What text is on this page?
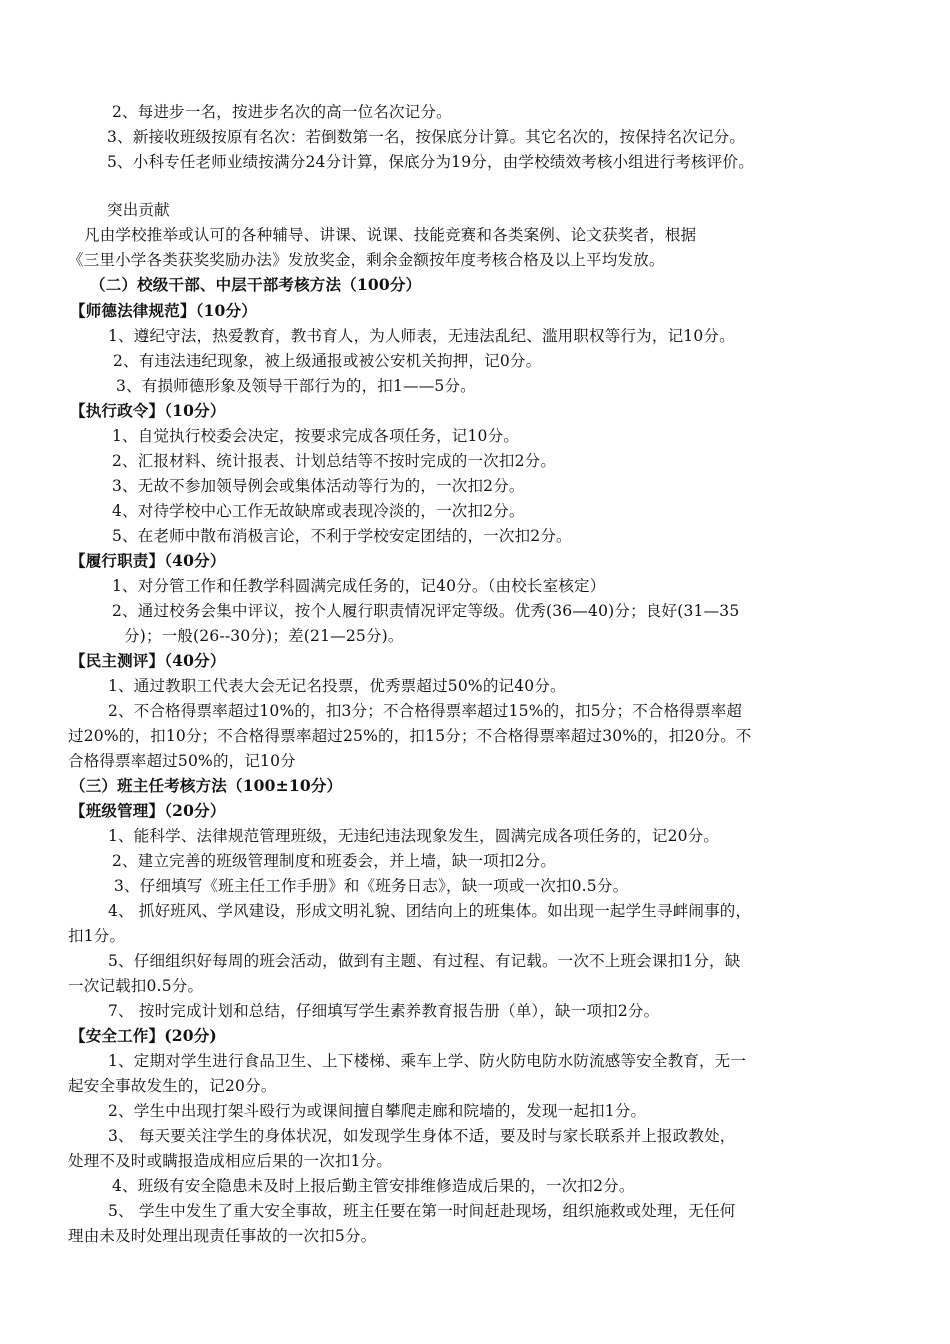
2、每进步一名，按进步名次的高一位名次记分。
3、新接收班级按原有名次：若倒数第一名，按保底分计算。其它名次的，按保持名次记分。
5、小科专任老师业绩按满分24分计算，保底分为19分，由学校绩效考核小组进行考核评价。
突出贡献
凡由学校推举或认可的各种辅导、讲课、说课、技能竞赛和各类案例、论文获奖者，根据
《三里小学各类获奖奖励办法》发放奖金，剩余金额按年度考核合格及以上平均发放。
（二）校级干部、中层干部考核方法（100分）
【师德法律规范】（10分）
1、遵纪守法，热爱教育，教书育人，为人师表，无违法乱纪、滥用职权等行为，记10分。
2、有违法违纪现象，被上级通报或被公安机关拘押，记0分。
3、有损师德形象及领导干部行为的，扣1——5分。
【执行政令】（10分）
1、自觉执行校委会决定，按要求完成各项任务，记10分。
2、汇报材料、统计报表、计划总结等不按时完成的一次扣2分。
3、无故不参加领导例会或集体活动等行为的，一次扣2分。
4、对待学校中心工作无故缺席或表现冷淡的，一次扣2分。
5、在老师中散布消极言论，不利于学校安定团结的，一次扣2分。
【履行职责】（40分）
1、对分管工作和任教学科圆满完成任务的，记40分。（由校长室核定）
2、通过校务会集中评议，按个人履行职责情况评定等级。优秀(36—40)分；良好(31—35
分)；一般(26--30分)；差(21—25分)。
【民主测评】（40分）
1、通过教职工代表大会无记名投票，优秀票超过50%的记40分。
2、不合格得票率超过10%的，扣3分；不合格得票率超过15%的，扣5分；不合格得票率超
过20%的，扣10分；不合格得票率超过25%的，扣15分；不合格得票率超过30%的，扣20分。不
合格得票率超过50%的，记10分
（三）班主任考核方法（100±10分）
【班级管理】（20分）
1、能科学、法律规范管理班级，无违纪违法现象发生，圆满完成各项任务的，记20分。
2、建立完善的班级管理制度和班委会，并上墙，缺一项扣2分。
3、仔细填写《班主任工作手册》和《班务日志》，缺一项或一次扣0.5分。
4、 抓好班风、学风建设，形成文明礼貌、团结向上的班集体。如出现一起学生寻衅闹事的，
扣1分。
5、仔细组织好每周的班会活动，做到有主题、有过程、有记载。一次不上班会课扣1分，缺
一次记载扣0.5分。
7、 按时完成计划和总结，仔细填写学生素养教育报告册（单），缺一项扣2分。
【安全工作】(20分)
1、定期对学生进行食品卫生、上下楼梯、乘车上学、防火防电防水防流感等安全教育，无一
起安全事故发生的，记20分。
2、学生中出现打架斗殴行为或课间擅自攀爬走廊和院墙的，发现一起扣1分。
3、 每天要关注学生的身体状况，如发现学生身体不适，要及时与家长联系并上报政教处，
处理不及时或瞒报造成相应后果的一次扣1分。
4、班级有安全隐患未及时上报后勤主管安排维修造成后果的，一次扣2分。
5、 学生中发生了重大安全事故，班主任要在第一时间赶赴现场，组织施救或处理，无任何
理由未及时处理出现责任事故的一次扣5分。
